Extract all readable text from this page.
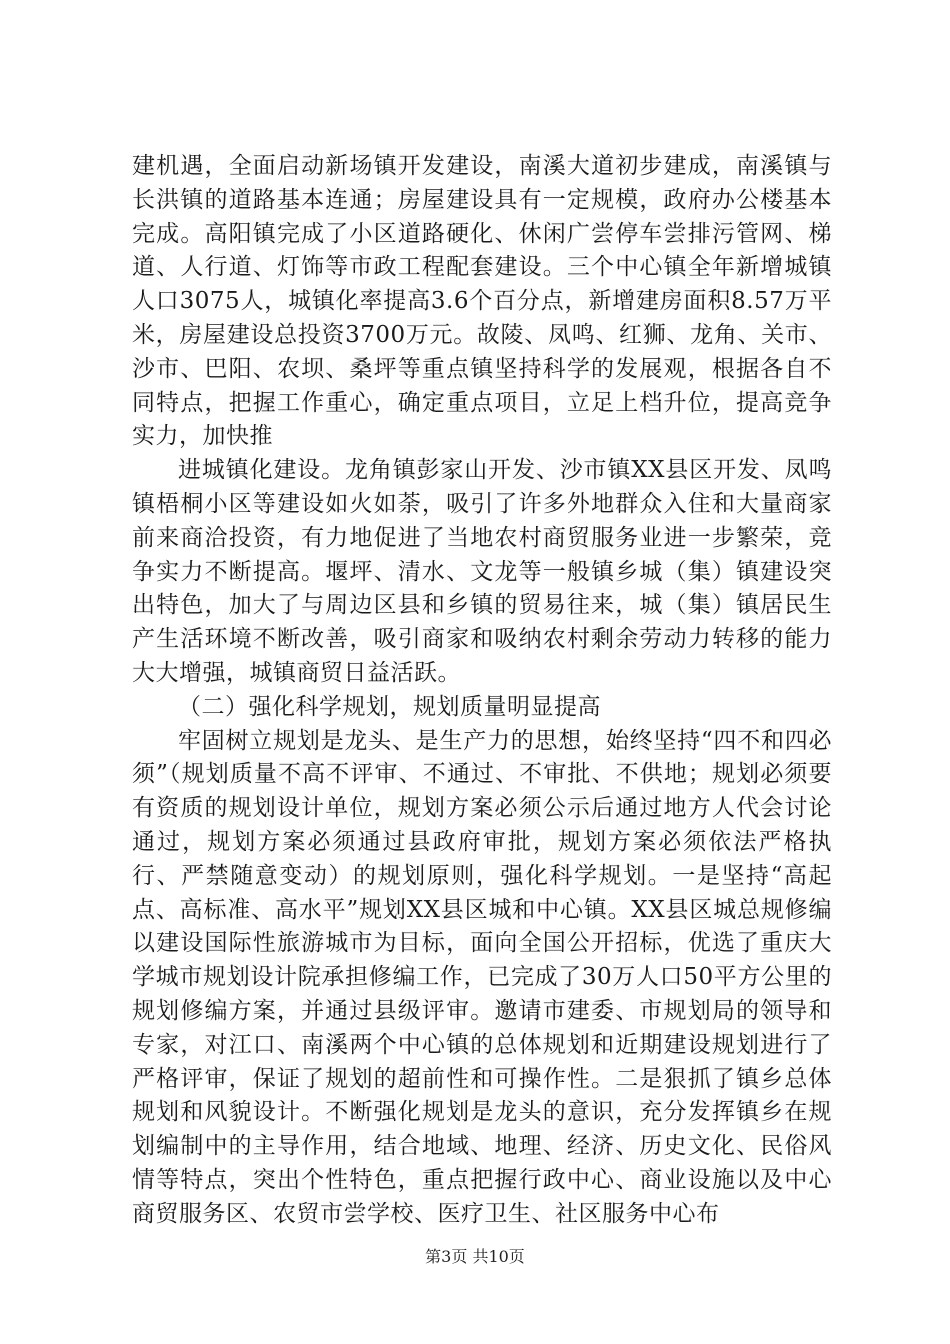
建机遇，全面启动新场镇开发建设，南溪大道初步建成，南溪镇与长洪镇的道路基本连通；房屋建设具有一定规模，政府办公楼基本完成。高阳镇完成了小区道路硬化、休闲广尝停车尝排污管网、梯道、人行道、灯饰等市政工程配套建设。三个中心镇全年新增城镇人口3075人，城镇化率提高3.6个百分点，新增建房面积8.57万平米，房屋建设总投资3700万元。故陵、凤鸣、红狮、龙角、关市、沙市、巴阳、农坝、桑坪等重点镇坚持科学的发展观，根据各自不同特点，把握工作重心，确定重点项目，立足上档升位，提高竞争实力，加快推

进城镇化建设。龙角镇彭家山开发、沙市镇XX县区开发、凤鸣镇梧桐小区等建设如火如荼，吸引了许多外地群众入住和大量商家前来商洽投资，有力地促进了当地农村商贸服务业进一步繁荣，竞争实力不断提高。堰坪、清水、文龙等一般镇乡城（集）镇建设突出特色，加大了与周边区县和乡镇的贸易往来，城（集）镇居民生产生活环境不断改善，吸引商家和吸纳农村剩余劳动力转移的能力大大增强，城镇商贸日益活跃。

（二）强化科学规划，规划质量明显提高

牢固树立规划是龙头、是生产力的思想，始终坚持“四不和四必须”（规划质量不高不评审、不通过、不审批、不供地；规划必须要有资质的规划设计单位，规划方案必须公示后通过地方人代会讨论通过，规划方案必须通过县政府审批，规划方案必须依法严格执行、严禁随意变动）的规划原则，强化科学规划。一是坚持“高起点、高标准、高水平”规划XX县区城和中心镇。XX县区城总规修编以建设国际性旅游城市为目标，面向全国公开招标，优选了重庆大学城市规划设计院承担修编工作，已完成了30万人口50平方公里的规划修编方案，并通过县级评审。邀请市建委、市规划局的领导和专家，对江口、南溪两个中心镇的总体规划和近期建设规划进行了严格评审，保证了规划的超前性和可操作性。二是狠抓了镇乡总体规划和风貌设计。不断强化规划是龙头的意识，充分发挥镇乡在规划编制中的主导作用，结合地域、地理、经济、历史文化、民俗风情等特点，突出个性特色，重点把握行政中心、商业设施以及中心商贸服务区、农贸市尝学校、医疗卫生、社区服务中心布

第3页 共10页
